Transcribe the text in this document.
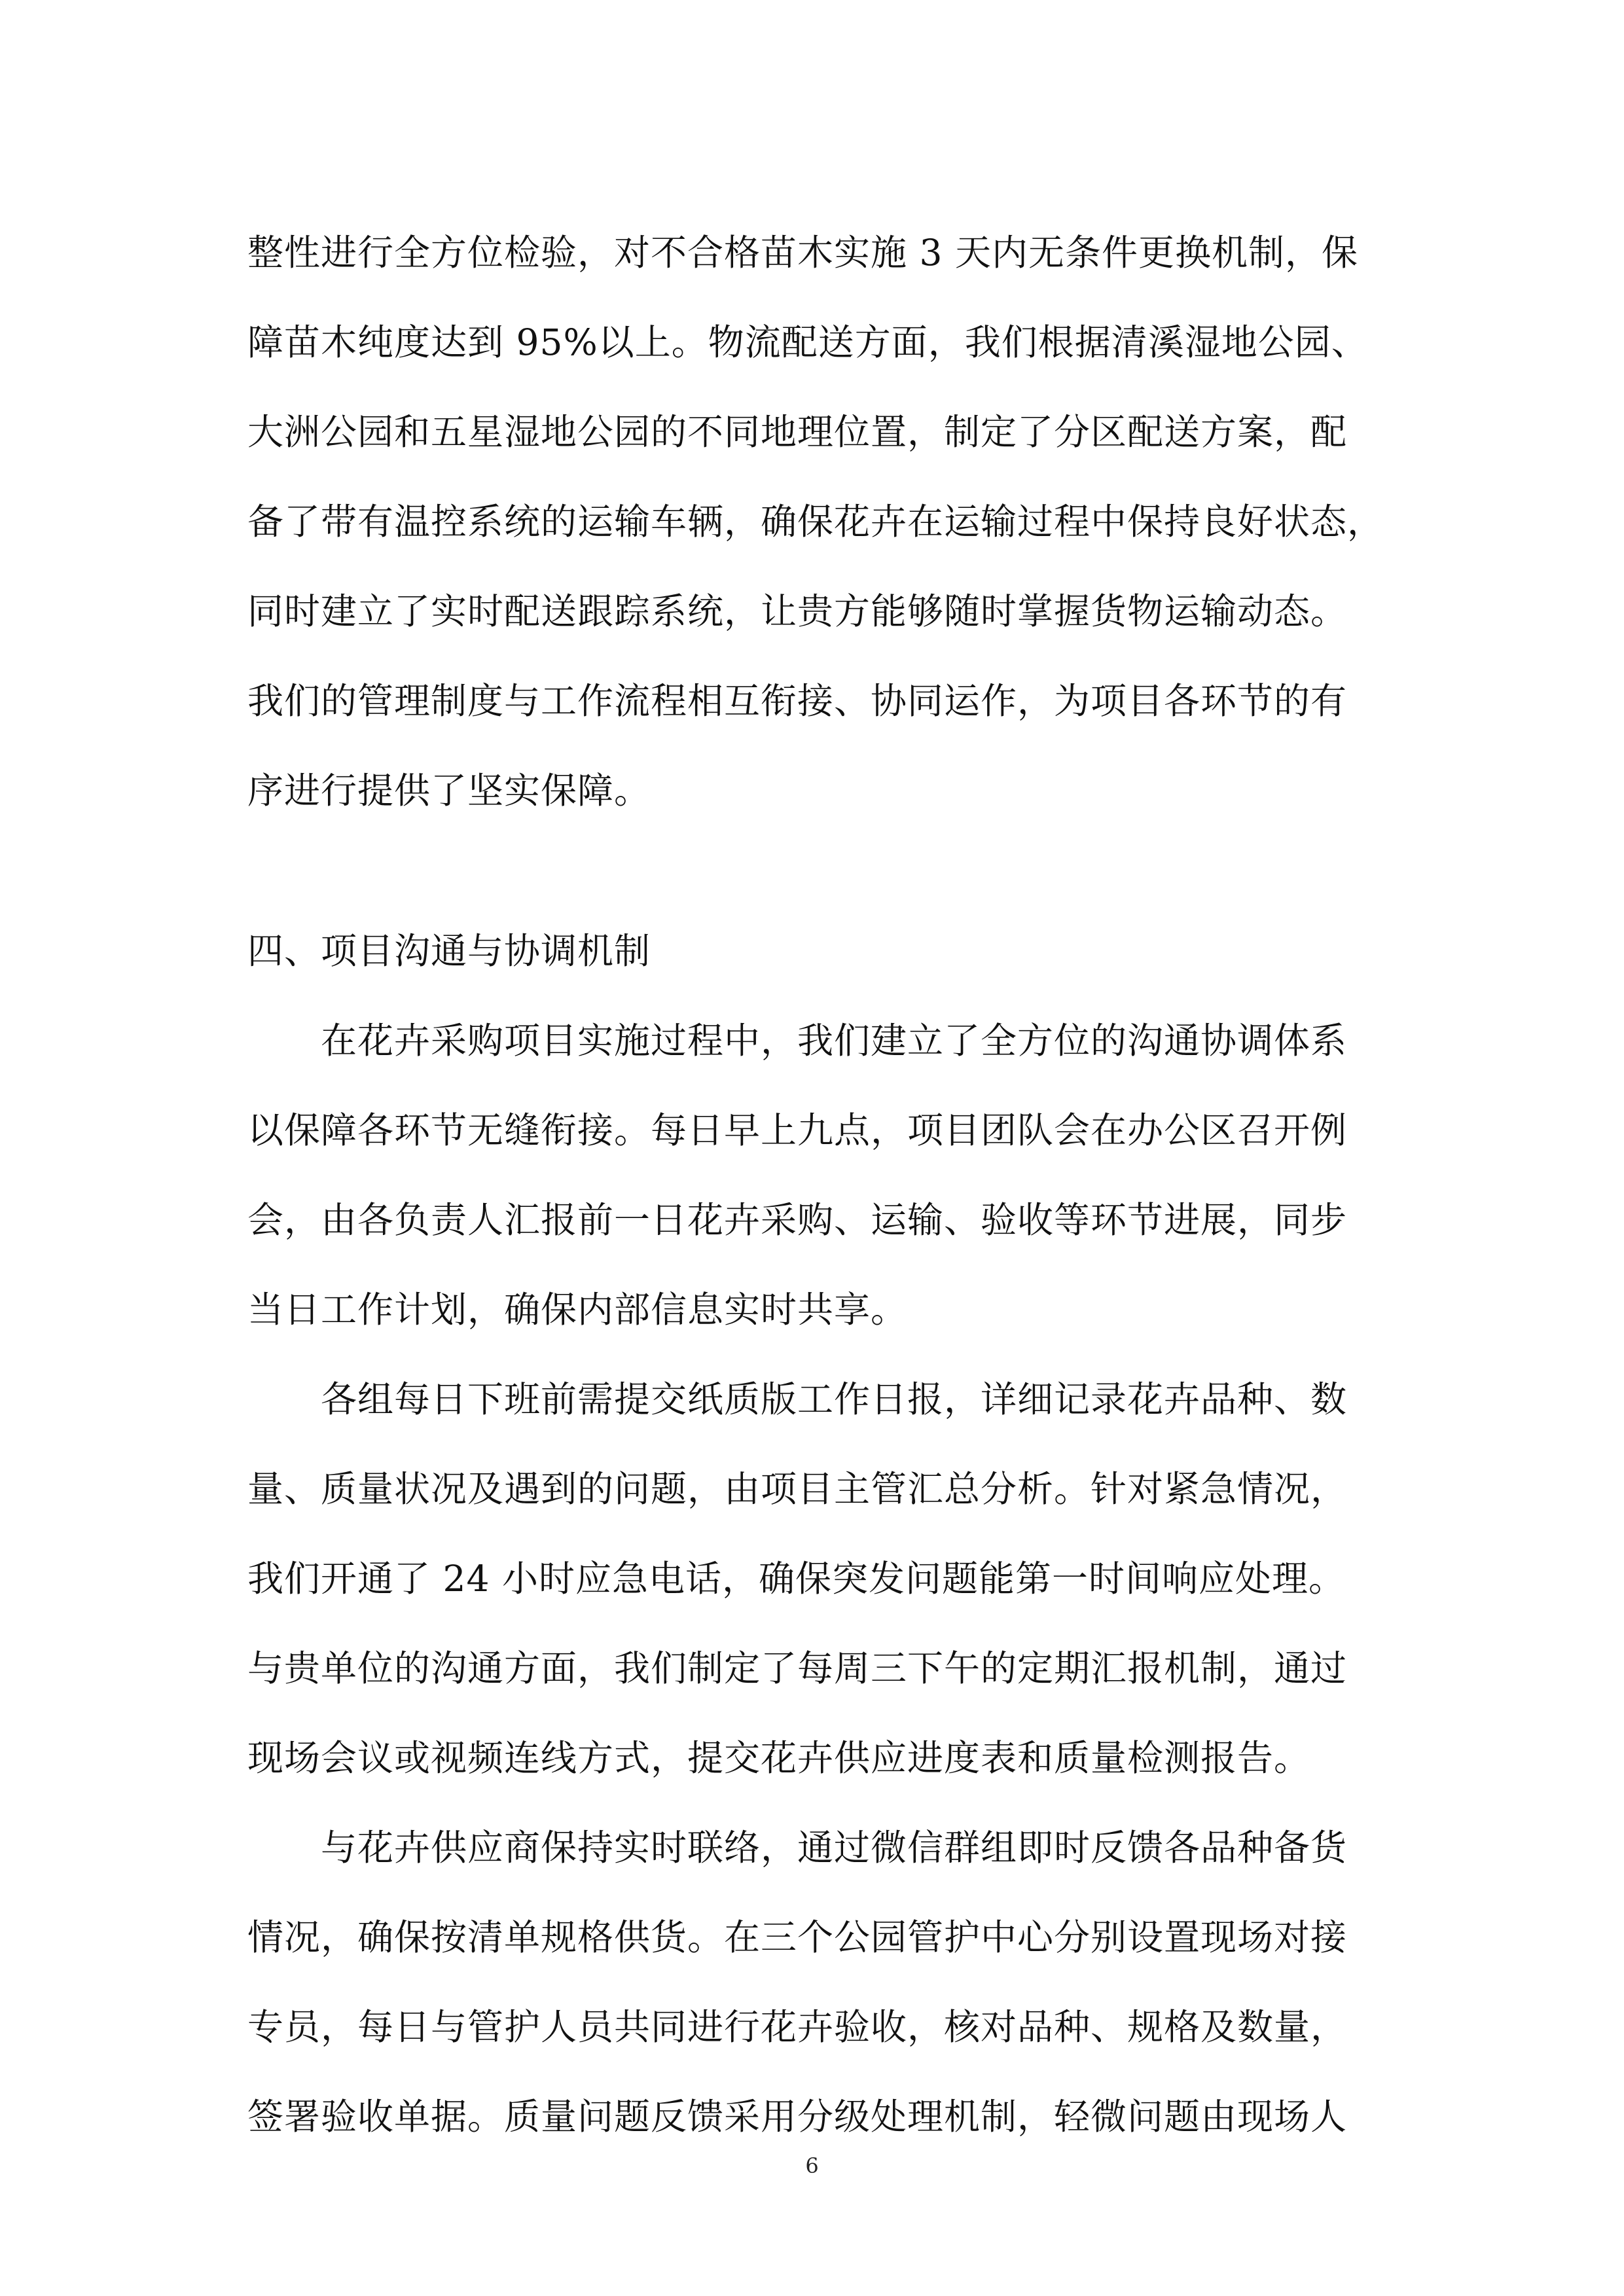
整性进行全方位检验，对不合格苗木实施 3 天内无条件更换机制，保
障苗木纯度达到 95%以上。物流配送方面，我们根据清溪湿地公园、
大洲公园和五星湿地公园的不同地理位置，制定了分区配送方案，配
备了带有温控系统的运输车辆，确保花卉在运输过程中保持良好状态，
同时建立了实时配送跟踪系统，让贵方能够随时掌握货物运输动态。
我们的管理制度与工作流程相互衔接、协同运作，为项目各环节的有
序进行提供了坚实保障。
四、项目沟通与协调机制
在花卉采购项目实施过程中，我们建立了全方位的沟通协调体系
以保障各环节无缝衔接。每日早上九点，项目团队会在办公区召开例
会，由各负责人汇报前一日花卉采购、运输、验收等环节进展，同步
当日工作计划，确保内部信息实时共享。
各组每日下班前需提交纸质版工作日报，详细记录花卉品种、数
量、质量状况及遇到的问题，由项目主管汇总分析。针对紧急情况，
我们开通了 24 小时应急电话，确保突发问题能第一时间响应处理。
与贵单位的沟通方面，我们制定了每周三下午的定期汇报机制，通过
现场会议或视频连线方式，提交花卉供应进度表和质量检测报告。
与花卉供应商保持实时联络，通过微信群组即时反馈各品种备货
情况，确保按清单规格供货。在三个公园管护中心分别设置现场对接
专员，每日与管护人员共同进行花卉验收，核对品种、规格及数量，
签署验收单据。质量问题反馈采用分级处理机制，轻微问题由现场人
6
